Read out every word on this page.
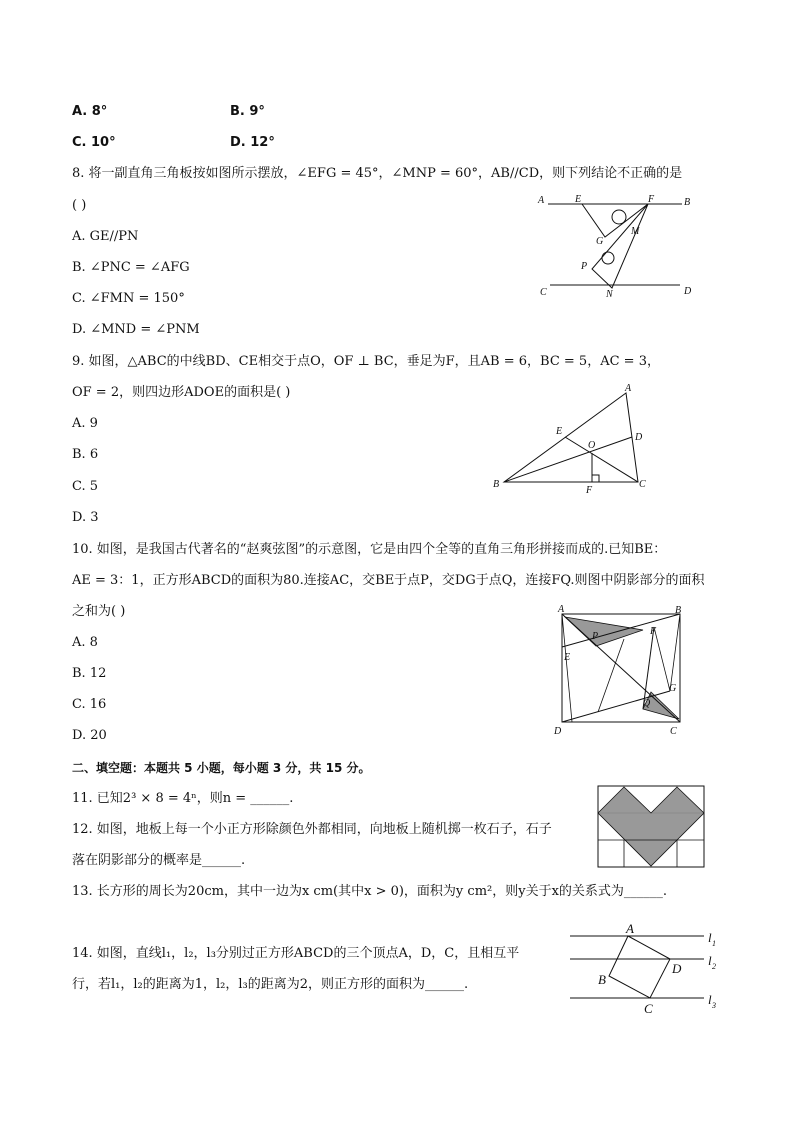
A. 8°	B. 9°
C. 10°	D. 12°
8. 将一副直角三角板按如图所示摆放，∠EFG = 45°，∠MNP = 60°，AB//CD，则下列结论不正确的是
( )
A. GE//PN
B. ∠PNC = ∠AFG
C. ∠FMN = 150°
D. ∠MND = ∠PNM
A	E	F	B
G
M
P
C	N	D
9. 如图，△ABC的中线BD、CE相交于点O，OF ⊥ BC，垂足为F，且AB = 6，BC = 5，AC = 3，
OF = 2，则四边形ADOE的面积是( )
A. 9
B. 6
C. 5
D. 3
A
E
O
D
B
F
C
10. 如图，是我国古代著名的“赵爽弦图”的示意图，它是由四个全等的直角三角形拼接而成的.已知BE：
AE = 3：1，正方形ABCD的面积为80.连接AC，交BE于点P，交DG于点Q，连接FQ.则图中阴影部分的面积
之和为( )
A. 8
B. 12
C. 16
D. 20
A	B
P	F
E
G
Q
D	C
二、填空题：本题共 5 小题，每小题 3 分，共 15 分。
11. 已知2³ × 8 = 4ⁿ，则n = ______.
12. 如图，地板上每一个小正方形除颜色外都相同，向地板上随机掷一枚石子，石子
落在阴影部分的概率是______.
13. 长方形的周长为20cm，其中一边为x cm(其中x > 0)，面积为y cm²，则y关于x的关系式为______.
14. 如图，直线l₁，l₂，l₃分别过正方形ABCD的三个顶点A，D，C，且相互平
行，若l₁，l₂的距离为1，l₂，l₃的距离为2，则正方形的面积为______.
A
B
C
D
l 1
l 2
l 3
